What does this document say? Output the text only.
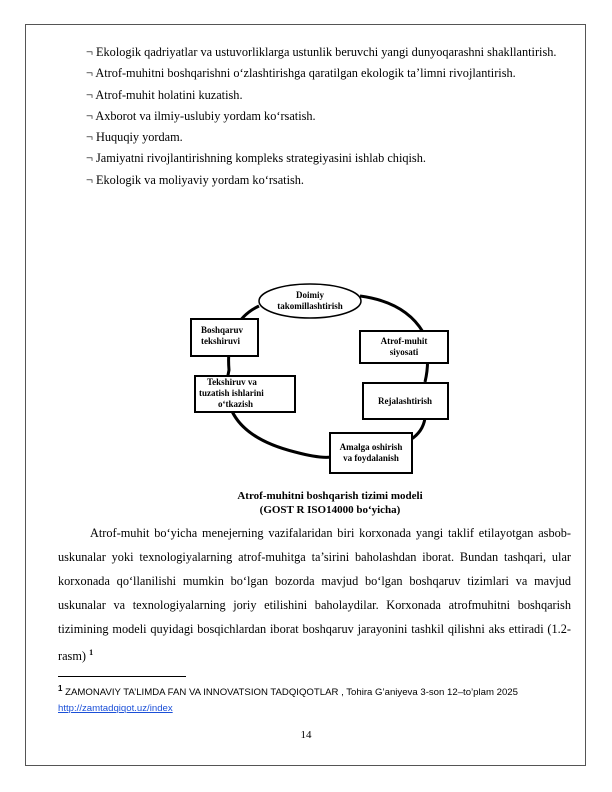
¬ Ekologik qadriyatlar va ustuvorliklarga ustunlik beruvchi yangi dunyoqarashni shakllantirish.

¬ Atrof-muhitni boshqarishni o‘zlashtirishga qaratilgan ekologik ta’limni rivojlantirish.

¬ Atrof-muhit holatini kuzatish.

¬ Axborot va ilmiy-uslubiy yordam ko‘rsatish.

¬ Huquqiy yordam.

¬ Jamiyatni rivojlantirishning kompleks strategiyasini ishlab chiqish.

¬ Ekologik va moliyaviy yordam ko‘rsatish.

Doimiy
takomillashtirish
Boshqaruv
tekshiruvi	Atrof-muhit
siyosati
Tekshiruv va
tuzatish ishlarini
o‘tkazish	Rejalashtirish
Amalga oshirish
va foydalanish
Atrof-muhitni boshqarish tizimi modeli
(GOST R ISO14000 bo‘yicha)

Atrof-muhit bo‘yicha menejerning vazifalaridan biri korxonada yangi taklif etilayotgan asbob-uskunalar yoki texnologiyalarning atrof-muhitga ta’sirini baholashdan iborat. Bundan tashqari, ular korxonada qo‘llanilishi mumkin bo‘lgan bozorda mavjud bo‘lgan boshqaruv tizimlari va mavjud uskunalar va texnologiyalarning joriy etilishini baholaydilar. Korxonada atrofmuhitni boshqarish tizimining modeli quyidagi bosqichlardan iborat boshqaruv jarayonini tashkil qilishni aks ettiradi (1.2-rasm) $^1$

$^1$ ZAMONAVIY TA’LIMDA FAN VA INNOVATSION TADQIQOTLAR , Tohira G’aniyeva 3-son 12–to’plam 2025
http://zamtadqiqot.uz/index
14
